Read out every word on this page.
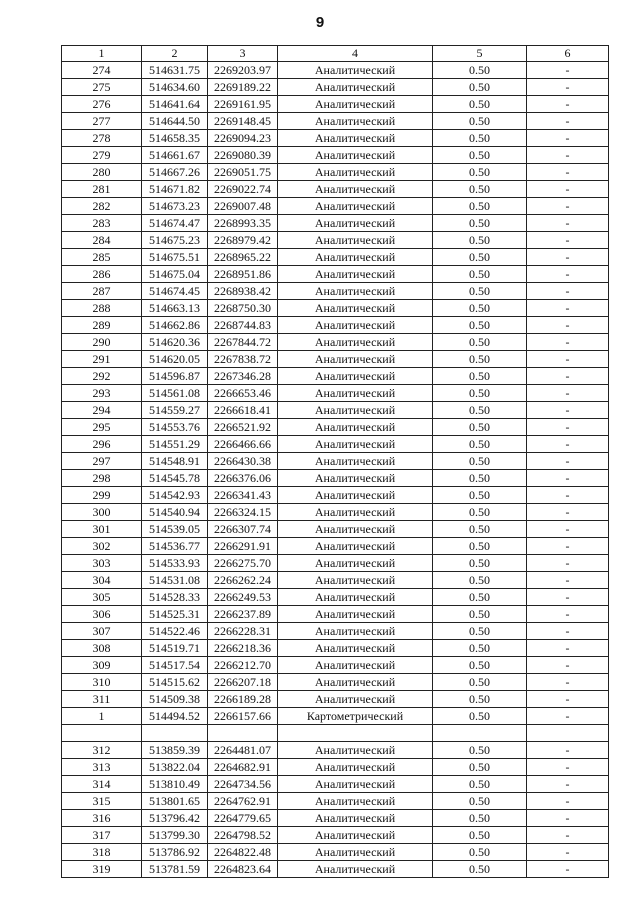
9
1	2	3	4	5	6
274	514631.75	2269203.97	Аналитический	0.50	-
275	514634.60	2269189.22	Аналитический	0.50	-
276	514641.64	2269161.95	Аналитический	0.50	-
277	514644.50	2269148.45	Аналитический	0.50	-
278	514658.35	2269094.23	Аналитический	0.50	-
279	514661.67	2269080.39	Аналитический	0.50	-
280	514667.26	2269051.75	Аналитический	0.50	-
281	514671.82	2269022.74	Аналитический	0.50	-
282	514673.23	2269007.48	Аналитический	0.50	-
283	514674.47	2268993.35	Аналитический	0.50	-
284	514675.23	2268979.42	Аналитический	0.50	-
285	514675.51	2268965.22	Аналитический	0.50	-
286	514675.04	2268951.86	Аналитический	0.50	-
287	514674.45	2268938.42	Аналитический	0.50	-
288	514663.13	2268750.30	Аналитический	0.50	-
289	514662.86	2268744.83	Аналитический	0.50	-
290	514620.36	2267844.72	Аналитический	0.50	-
291	514620.05	2267838.72	Аналитический	0.50	-
292	514596.87	2267346.28	Аналитический	0.50	-
293	514561.08	2266653.46	Аналитический	0.50	-
294	514559.27	2266618.41	Аналитический	0.50	-
295	514553.76	2266521.92	Аналитический	0.50	-
296	514551.29	2266466.66	Аналитический	0.50	-
297	514548.91	2266430.38	Аналитический	0.50	-
298	514545.78	2266376.06	Аналитический	0.50	-
299	514542.93	2266341.43	Аналитический	0.50	-
300	514540.94	2266324.15	Аналитический	0.50	-
301	514539.05	2266307.74	Аналитический	0.50	-
302	514536.77	2266291.91	Аналитический	0.50	-
303	514533.93	2266275.70	Аналитический	0.50	-
304	514531.08	2266262.24	Аналитический	0.50	-
305	514528.33	2266249.53	Аналитический	0.50	-
306	514525.31	2266237.89	Аналитический	0.50	-
307	514522.46	2266228.31	Аналитический	0.50	-
308	514519.71	2266218.36	Аналитический	0.50	-
309	514517.54	2266212.70	Аналитический	0.50	-
310	514515.62	2266207.18	Аналитический	0.50	-
311	514509.38	2266189.28	Аналитический	0.50	-
1	514494.52	2266157.66	Картометрический	0.50	-

312	513859.39	2264481.07	Аналитический	0.50	-
313	513822.04	2264682.91	Аналитический	0.50	-
314	513810.49	2264734.56	Аналитический	0.50	-
315	513801.65	2264762.91	Аналитический	0.50	-
316	513796.42	2264779.65	Аналитический	0.50	-
317	513799.30	2264798.52	Аналитический	0.50	-
318	513786.92	2264822.48	Аналитический	0.50	-
319	513781.59	2264823.64	Аналитический	0.50	-
